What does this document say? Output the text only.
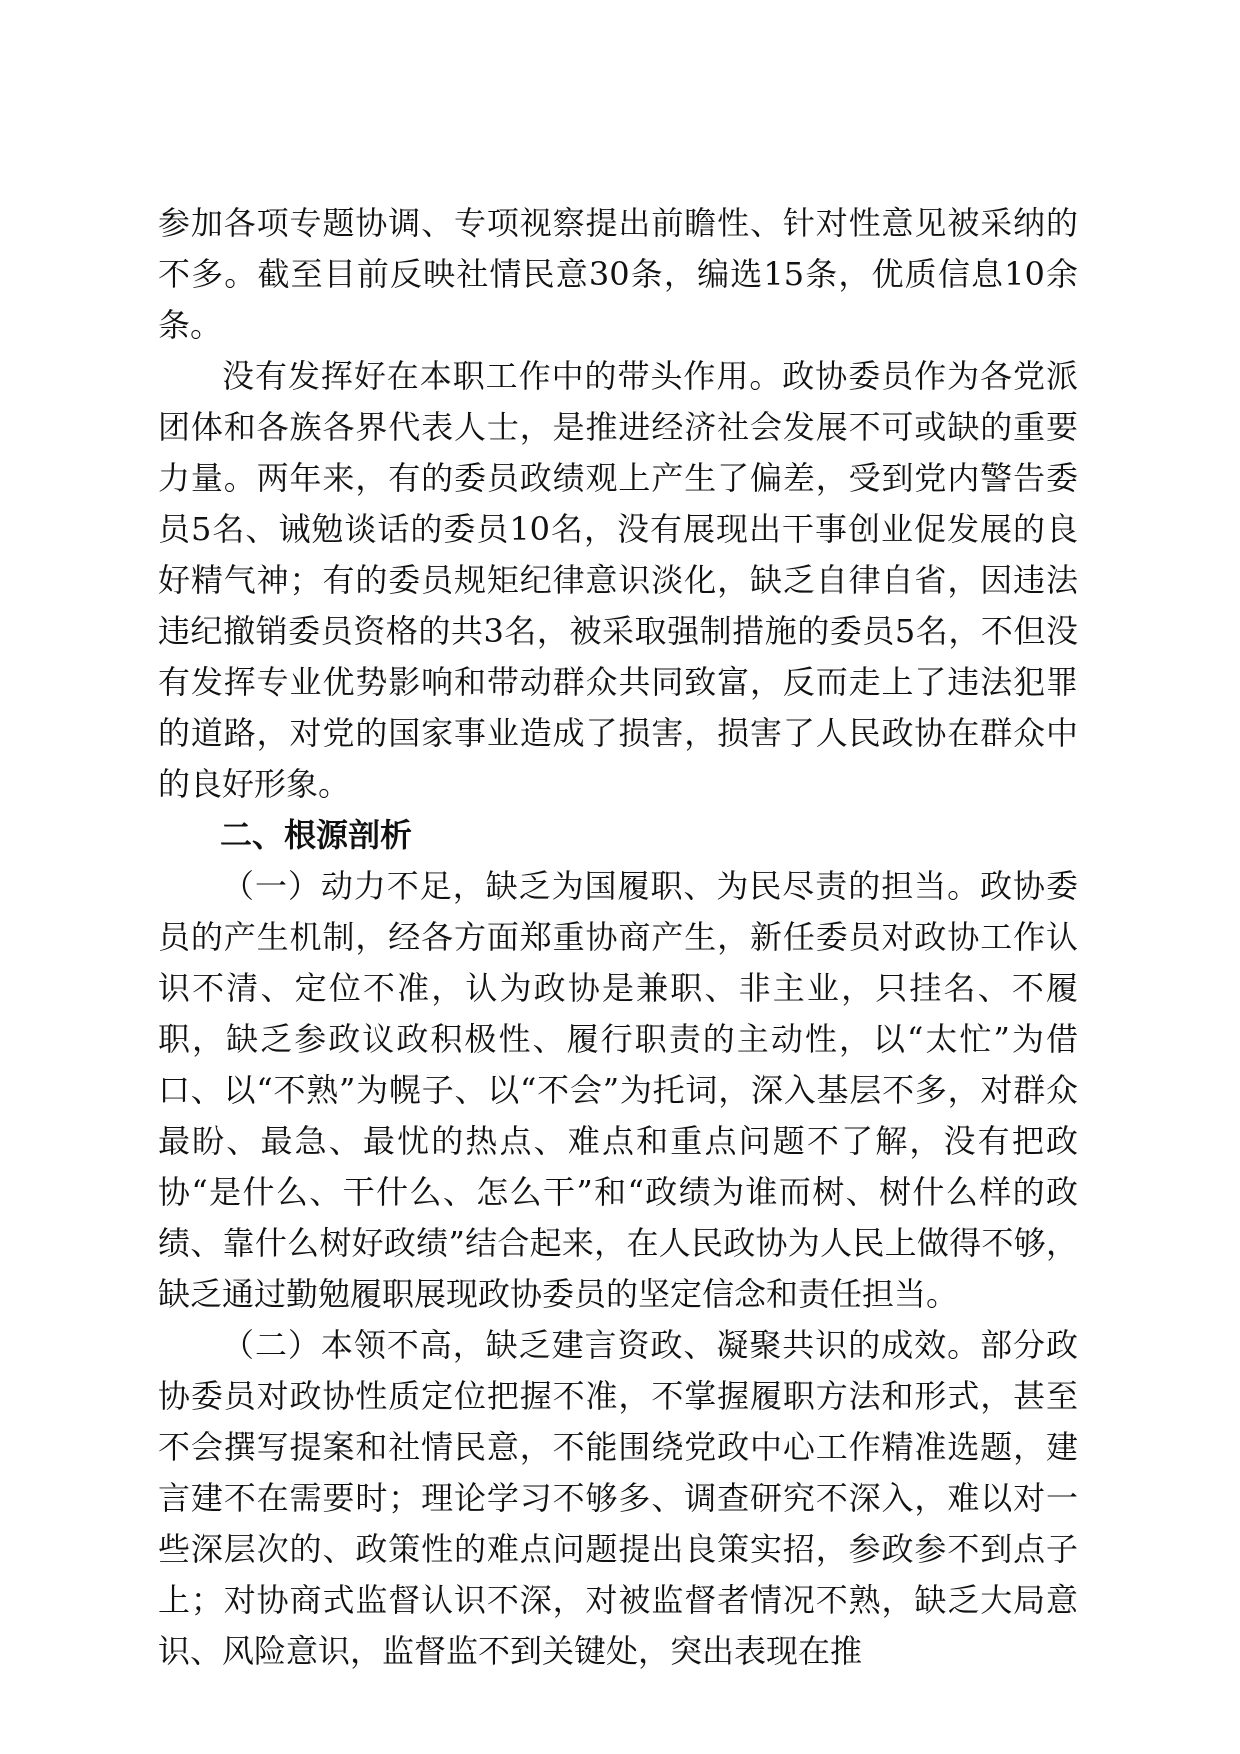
参加各项专题协调、专项视察提出前瞻性、针对性意见被采纳的不多。截至目前反映社情民意30条，编选15条，优质信息10余条。

没有发挥好在本职工作中的带头作用。政协委员作为各党派团体和各族各界代表人士，是推进经济社会发展不可或缺的重要力量。两年来，有的委员政绩观上产生了偏差，受到党内警告委员5名、诫勉谈话的委员10名，没有展现出干事创业促发展的良好精气神；有的委员规矩纪律意识淡化，缺乏自律自省，因违法违纪撤销委员资格的共3名，被采取强制措施的委员5名，不但没有发挥专业优势影响和带动群众共同致富，反而走上了违法犯罪的道路，对党的国家事业造成了损害，损害了人民政协在群众中的良好形象。

二、根源剖析

（一）动力不足，缺乏为国履职、为民尽责的担当。政协委员的产生机制，经各方面郑重协商产生，新任委员对政协工作认识不清、定位不准，认为政协是兼职、非主业，只挂名、不履职，缺乏参政议政积极性、履行职责的主动性，以“太忙”为借口、以“不熟”为幌子、以“不会”为托词，深入基层不多，对群众最盼、最急、最忧的热点、难点和重点问题不了解，没有把政协“是什么、干什么、怎么干”和“政绩为谁而树、树什么样的政绩、靠什么树好政绩”结合起来，在人民政协为人民上做得不够，缺乏通过勤勉履职展现政协委员的坚定信念和责任担当。

（二）本领不高，缺乏建言资政、凝聚共识的成效。部分政协委员对政协性质定位把握不准，不掌握履职方法和形式，甚至不会撰写提案和社情民意，不能围绕党政中心工作精准选题，建言建不在需要时；理论学习不够多、调查研究不深入，难以对一些深层次的、政策性的难点问题提出良策实招，参政参不到点子上；对协商式监督认识不深，对被监督者情况不熟，缺乏大局意识、风险意识，监督监不到关键处，突出表现在推
